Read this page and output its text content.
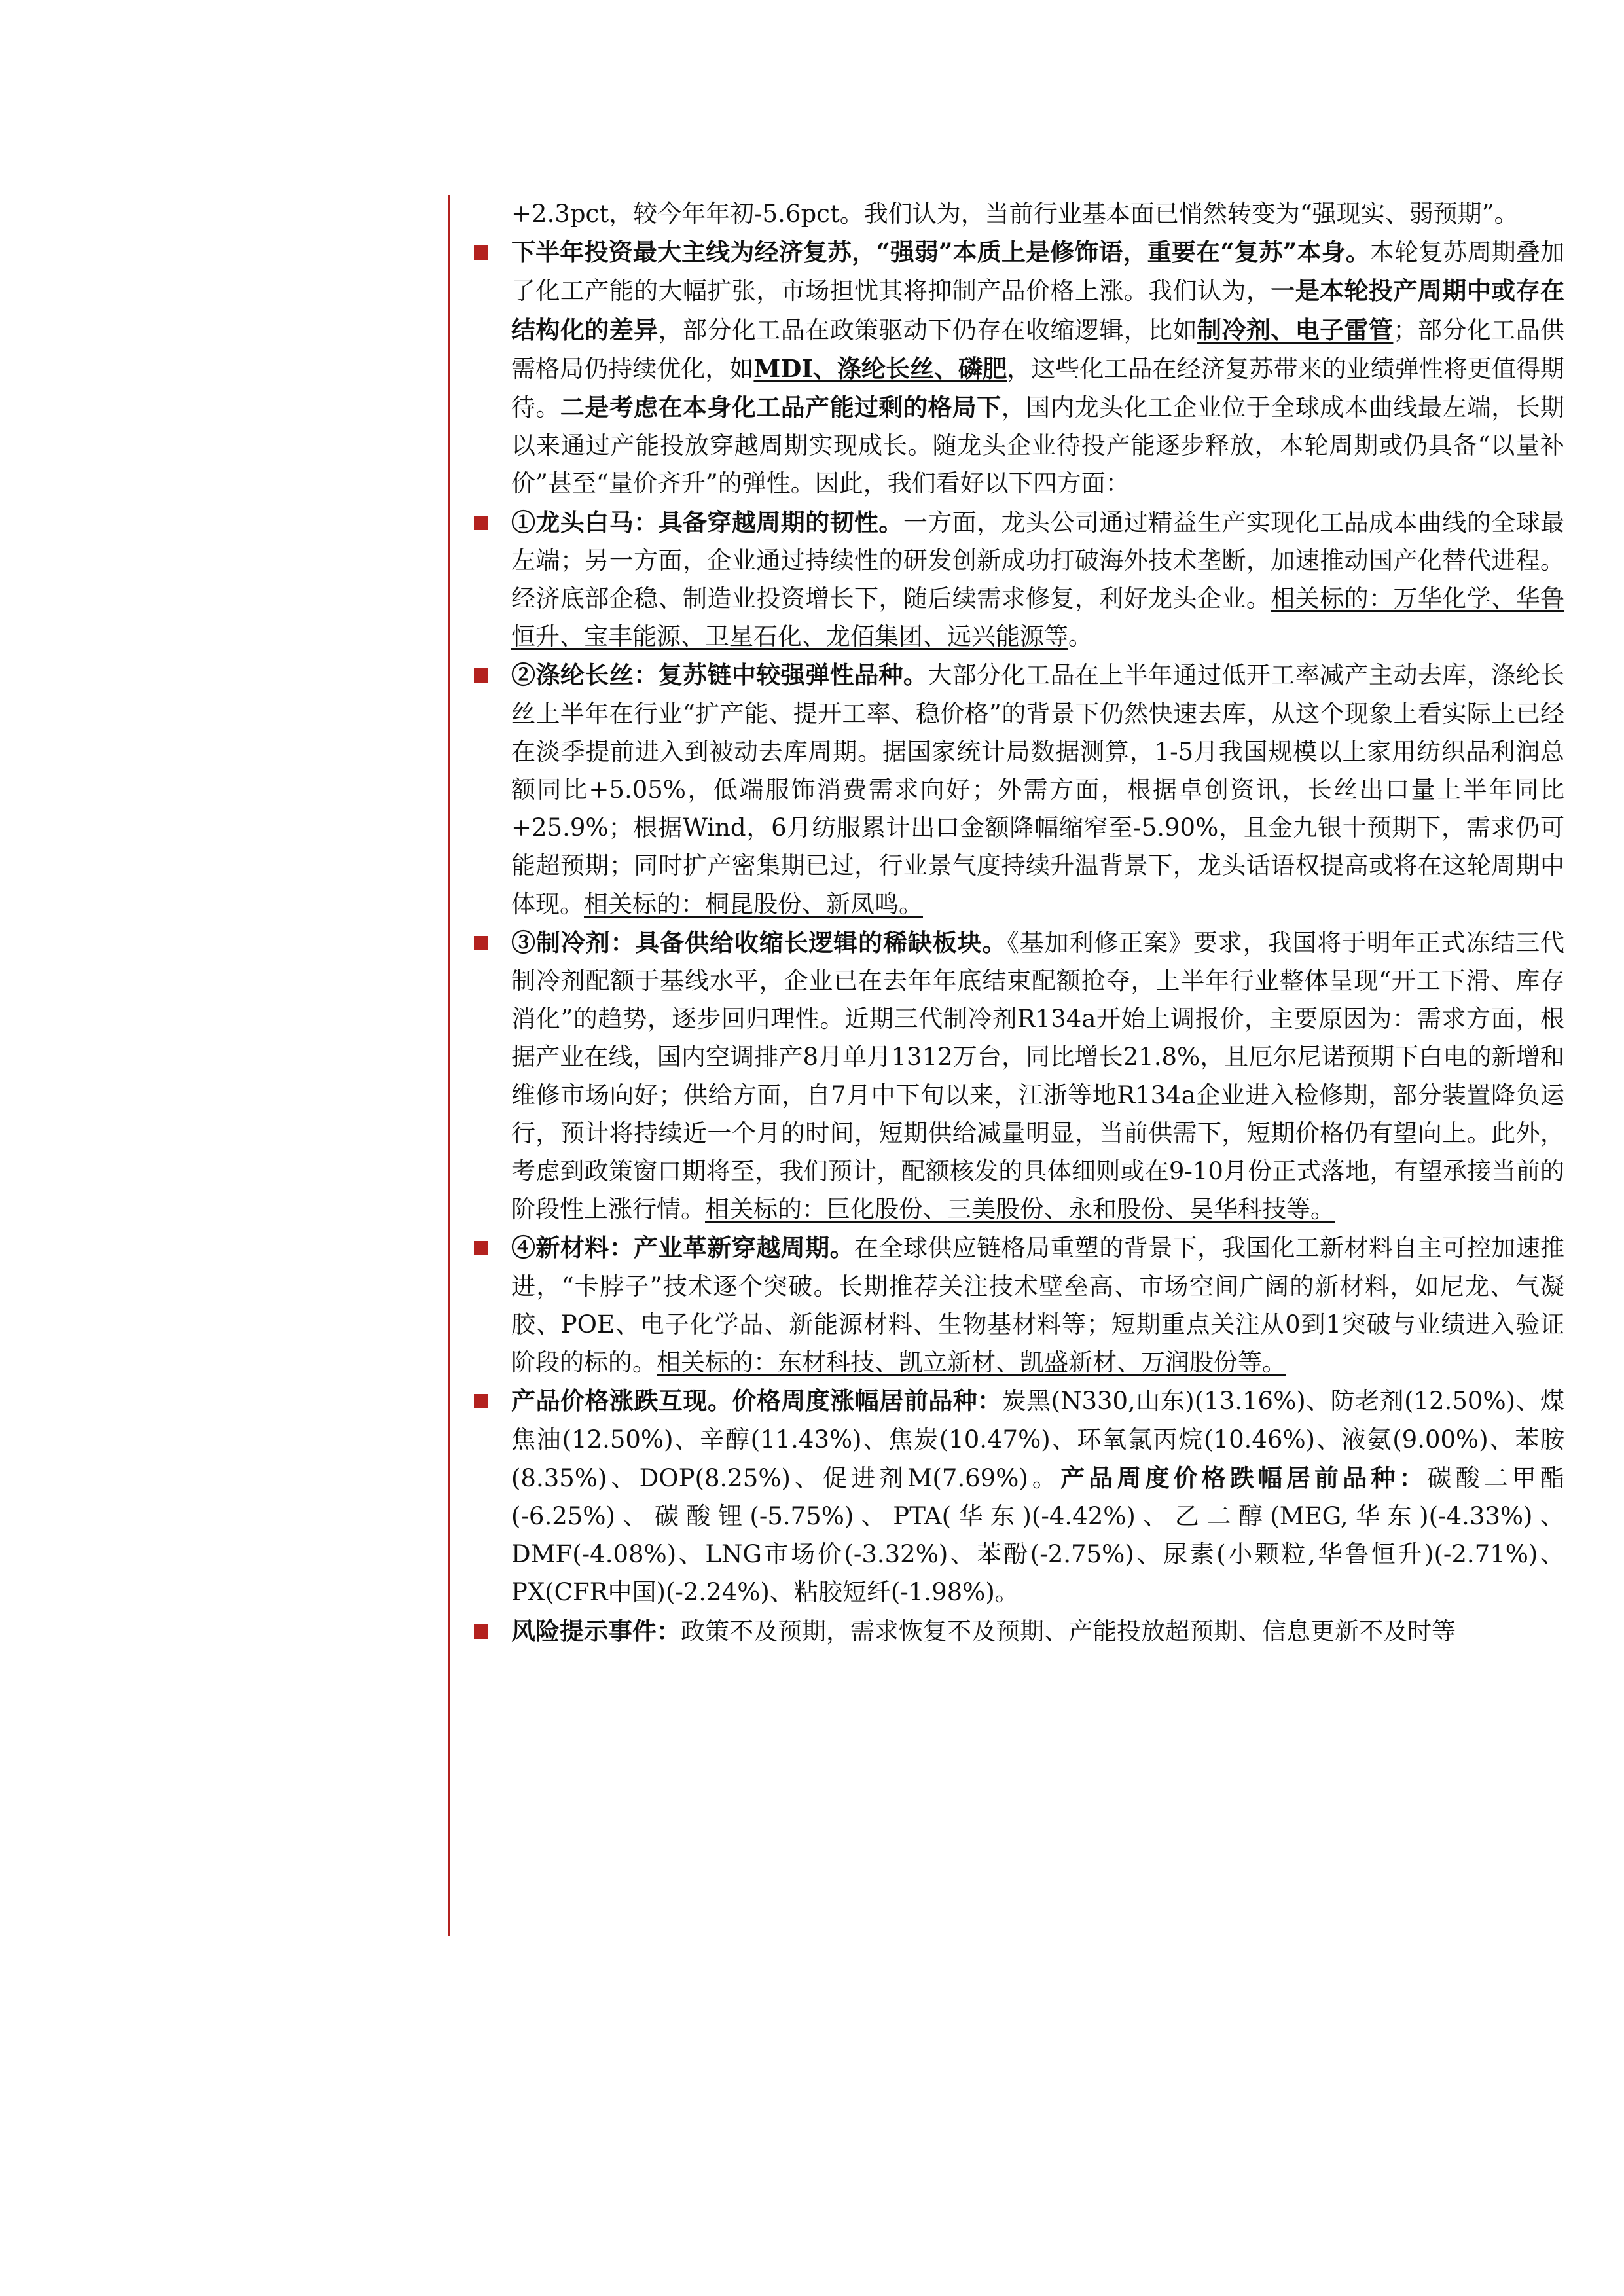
+2.3pct，较今年年初-5.6pct。我们认为，当前行业基本面已悄然转变为“强现实、弱预期”。

下半年投资最大主线为经济复苏，“强弱”本质上是修饰语，重要在“复苏”本身。本轮复苏周期叠加了化工产能的大幅扩张，市场担忧其将抑制产品价格上涨。我们认为，一是本轮投产周期中或存在结构化的差异，部分化工品在政策驱动下仍存在收缩逻辑，比如制冷剂、电子雷管；部分化工品供需格局仍持续优化，如MDI、涤纶长丝、磷肥，这些化工品在经济复苏带来的业绩弹性将更值得期待。二是考虑在本身化工品产能过剩的格局下，国内龙头化工企业位于全球成本曲线最左端，长期以来通过产能投放穿越周期实现成长。随龙头企业待投产能逐步释放，本轮周期或仍具备“以量补价”甚至“量价齐升”的弹性。因此，我们看好以下四方面：

①龙头白马：具备穿越周期的韧性。一方面，龙头公司通过精益生产实现化工品成本曲线的全球最左端；另一方面，企业通过持续性的研发创新成功打破海外技术垄断，加速推动国产化替代进程。经济底部企稳、制造业投资增长下，随后续需求修复，利好龙头企业。相关标的：万华化学、华鲁恒升、宝丰能源、卫星石化、龙佰集团、远兴能源等。

②涤纶长丝：复苏链中较强弹性品种。大部分化工品在上半年通过低开工率减产主动去库，涤纶长丝上半年在行业“扩产能、提开工率、稳价格”的背景下仍然快速去库，从这个现象上看实际上已经在淡季提前进入到被动去库周期。据国家统计局数据测算，1-5月我国规模以上家用纺织品利润总额同比+5.05%，低端服饰消费需求向好；外需方面，根据卓创资讯，长丝出口量上半年同比+25.9%；根据Wind，6月纺服累计出口金额降幅缩窄至-5.90%，且金九银十预期下，需求仍可能超预期；同时扩产密集期已过，行业景气度持续升温背景下，龙头话语权提高或将在这轮周期中体现。相关标的：桐昆股份、新凤鸣。

③制冷剂：具备供给收缩长逻辑的稀缺板块。《基加利修正案》要求，我国将于明年正式冻结三代制冷剂配额于基线水平，企业已在去年年底结束配额抢夺，上半年行业整体呈现“开工下滑、库存消化”的趋势，逐步回归理性。近期三代制冷剂R134a开始上调报价，主要原因为：需求方面，根据产业在线，国内空调排产8月单月1312万台，同比增长21.8%，且厄尔尼诺预期下白电的新增和维修市场向好；供给方面，自7月中下旬以来，江浙等地R134a企业进入检修期，部分装置降负运行，预计将持续近一个月的时间，短期供给减量明显，当前供需下，短期价格仍有望向上。此外，考虑到政策窗口期将至，我们预计，配额核发的具体细则或在9-10月份正式落地，有望承接当前的阶段性上涨行情。相关标的：巨化股份、三美股份、永和股份、昊华科技等。

④新材料：产业革新穿越周期。在全球供应链格局重塑的背景下，我国化工新材料自主可控加速推进，“卡脖子”技术逐个突破。长期推荐关注技术壁垒高、市场空间广阔的新材料，如尼龙、气凝胶、POE、电子化学品、新能源材料、生物基材料等；短期重点关注从0到1突破与业绩进入验证阶段的标的。相关标的：东材科技、凯立新材、凯盛新材、万润股份等。

产品价格涨跌互现。价格周度涨幅居前品种：炭黑(N330,山东)(13.16%)、防老剂(12.50%)、煤焦油(12.50%)、辛醇(11.43%)、焦炭(10.47%)、环氧氯丙烷(10.46%)、液氨(9.00%)、苯胺(8.35%)、DOP(8.25%)、促进剂M(7.69%)。产品周度价格跌幅居前品种：碳酸二甲酯(-6.25%)、碳酸锂(-5.75%)、PTA(华东)(-4.42%)、乙二醇(MEG,华东)(-4.33%)、DMF(-4.08%)、LNG市场价(-3.32%)、苯酚(-2.75%)、尿素(小颗粒,华鲁恒升)(-2.71%)、PX(CFR中国)(-2.24%)、粘胶短纤(-1.98%)。

风险提示事件：政策不及预期，需求恢复不及预期、产能投放超预期、信息更新不及时等
